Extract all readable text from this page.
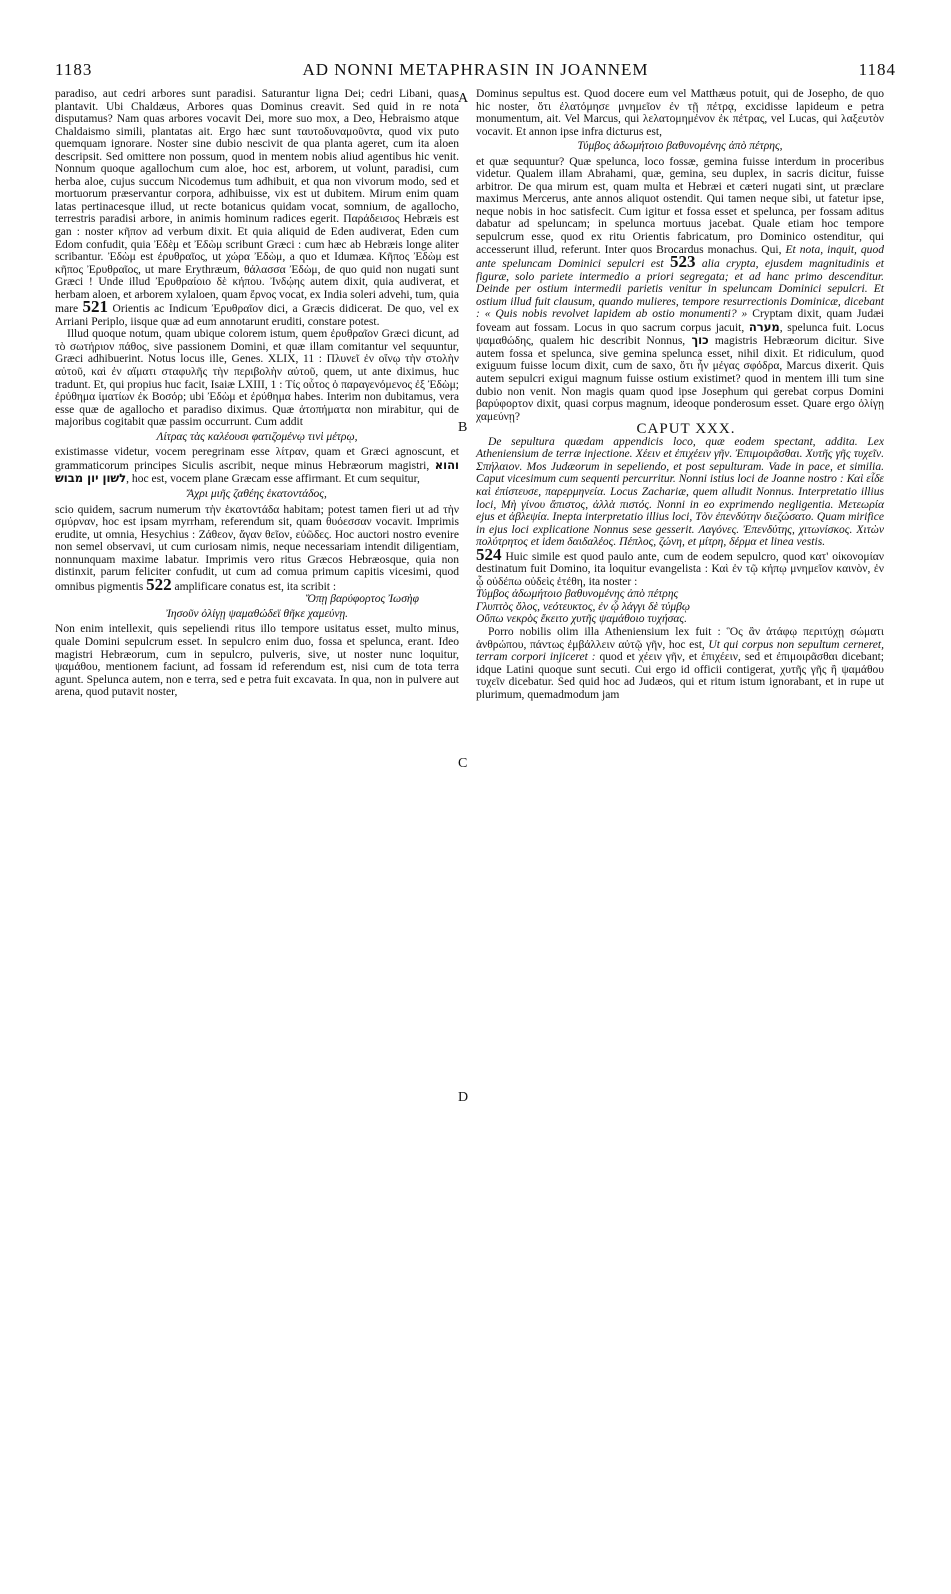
1183	AD NONNI METAPHRASIN IN JOANNEM	1184
A
B
C
D

paradiso, aut cedri arbores sunt paradisi. Saturantur ligna Dei; cedri Libani, quas plantavit. Ubi Chaldæus, Arbores quas Dominus creavit. Sed quid in re nota disputamus? Nam quas arbores vocavit Dei, more suo mox, a Deo, Hebraismo atque Chaldaismo simili, plantatas ait. Ergo hæc sunt ταυτοδυναμοῦντα, quod vix puto quemquam ignorare. Noster sine dubio nescivit de qua planta ageret, cum ita aloen descripsit. Sed omittere non possum, quod in mentem nobis aliud agentibus hic venit. Nonnum quoque agallochum cum aloe, hoc est, arborem, ut volunt, paradisi, cum herba aloe, cujus succum Nicodemus tum adhibuit, et qua non vivorum modo, sed et mortuorum præservantur corpora, adhibuisse, vix est ut dubitem. Mirum enim quam latas pertinacesque illud, ut recte botanicus quidam vocat, somnium, de agallocho, terrestris paradisi arbore, in animis hominum radices egerit. Παράδεισος Hebræis est gan : noster κῆπον ad verbum dixit. Et quia aliquid de Eden audiverat, Eden cum Edom confudit, quia Ἐδὲμ et Ἐδὼμ scribunt Græci : cum hæc ab Hebræis longe aliter scribantur. Ἐδὼμ est ἐρυθραῖος, ut χώρα Ἐδὼμ, a quo et Idumæa. Κῆπος Ἐδὼμ est κῆπος Ἐρυθραῖος, ut mare Erythræum, θάλασσα Ἐδὼμ, de quo quid non nugati sunt Græci ! Unde illud Ἐρυθραίοιο δὲ κήπου. Ἰνδῴης autem dixit, quia audiverat, et herbam aloen, et arborem xylaloen, quam ἔρνος vocat, ex India soleri advehi, tum, quia mare 521 Orientis ac Indicum Ἐρυθραῖον dici, a Græcis didicerat. De quo, vel ex Arriani Periplo, iisque quæ ad eum annotarunt eruditi, constare potest.

Illud quoque notum, quam ubique colorem istum, quem ἐρυθραῖον Græci dicunt, ad τὸ σωτήριον πάθος, sive passionem Domini, et quæ illam comitantur vel sequuntur, Græci adhibuerint. Notus locus ille, Genes. XLIX, 11 : Πλυνεῖ ἐν οἴνῳ τὴν στολὴν αὐτοῦ, καὶ ἐν αἵματι σταφυλῆς τὴν περιβολὴν αὐτοῦ, quem, ut ante diximus, huc tradunt. Et, qui propius huc facit, Isaiæ LXIII, 1 : Τίς οὗτος ὁ παραγενόμενος ἐξ Ἐδὼμ; ἐρύθημα ἱματίων ἐκ Βοσόρ; ubi Ἐδὼμ et ἐρύθημα habes. Interim non dubitamus, vera esse quæ de agallocho et paradiso diximus. Quæ ἀτοπήματα non mirabitur, qui de majoribus cogitabit quæ passim occurrunt. Cum addit

Λίτρας τὰς καλέουσι φατιζομένῳ τινὶ μέτρῳ,

existimasse videtur, vocem peregrinam esse λίτραν, quam et Græci agnoscunt, et grammaticorum principes Siculis ascribit, neque minus Hebræorum magistri, והוא לשון יון מבוש, hoc est, vocem plane Græcam esse affirmant. Et cum sequitur,

Ἄχρι μιῆς ζαθέης ἑκατοντάδος,

scio quidem, sacrum numerum τὴν ἑκατοντάδα habitam; potest tamen fieri ut ad τὴν σμύρναν, hoc est ipsam myrrham, referendum sit, quam θυόεσσαν vocavit. Imprimis erudite, ut omnia, Hesychius : Ζάθεον, ἄγαν θεῖον, εὐῶδες. Hoc auctori nostro evenire non semel observavi, ut cum curiosam nimis, neque necessariam intendit diligentiam, nonnunquam maxime labatur. Imprimis vero ritus Græcos Hebræosque, quia non distinxit, parum feliciter confudit, ut cum ad comua primum capitis vicesimi, quod omnibus pigmentis 522 amplificare conatus est, ita scribit :

Ὅπῃ βαρύφορτος Ἰωσὴφ

Ἰησοῦν ὀλίγῃ ψαμαθώδεϊ θῆκε χαμεύνῃ.

Non enim intellexit, quis sepeliendi ritus illo tempore usitatus esset, multo minus, quale Domini sepulcrum esset. In sepulcro enim duo, fossa et spelunca, erant. Ideo magistri Hebræorum, cum in sepulcro, pulveris, sive, ut noster nunc loquitur, ψαμάθου, mentionem faciunt, ad fossam id referendum est, nisi cum de tota terra agunt. Spelunca autem, non e terra, sed e petra fuit excavata. In qua, non in pulvere aut arena, quod putavit noster,

Dominus sepultus est. Quod docere eum vel Matthæus potuit, qui de Josepho, de quo hic noster, ὅτι ἐλατόμησε μνημεῖον ἐν τῇ πέτρᾳ, excidisse lapideum e petra monumentum, ait. Vel Marcus, qui λελατομημένον ἐκ πέτρας, vel Lucas, qui λαξευτὸν vocavit. Et annon ipse infra dicturus est,

Τύμβος ἀδωμήτοιο βαθυνομένης ἀπὸ πέτρης,

et quæ sequuntur? Quæ spelunca, loco fossæ, gemina fuisse interdum in proceribus videtur. Qualem illam Abrahami, quæ, gemina, seu duplex, in sacris dicitur, fuisse arbitror. De qua mirum est, quam multa et Hebræi et cæteri nugati sint, ut præclare maximus Mercerus, ante annos aliquot ostendit. Qui tamen neque sibi, ut fatetur ipse, neque nobis in hoc satisfecit. Cum igitur et fossa esset et spelunca, per fossam aditus dabatur ad speluncam; in spelunca mortuus jacebat. Quale etiam hoc tempore sepulcrum esse, quod ex ritu Orientis fabricatum, pro Dominico ostenditur, qui accesserunt illud, referunt. Inter quos Brocardus monachus. Qui, Et nota, inquit, quod ante speluncam Dominici sepulcri est 523 alia crypta, ejusdem magnitudinis et figuræ, solo pariete intermedio a priori segregata; et ad hanc primo descenditur. Deinde per ostium intermedii parietis venitur in speluncam Dominici sepulcri. Et ostium illud fuit clausum, quando mulieres, tempore resurrectionis Dominicæ, dicebant : « Quis nobis revolvet lapidem ab ostio monumenti? » Cryptam dixit, quam Judæi foveam aut fossam. Locus in quo sacrum corpus jacuit, מערה, spelunca fuit. Locus ψαμαθώδης, qualem hic describit Nonnus, כוך magistris Hebræorum dicitur. Sive autem fossa et spelunca, sive gemina spelunca esset, nihil dixit. Et ridiculum, quod exiguum fuisse locum dixit, cum de saxo, ὅτι ἦν μέγας σφόδρα, Marcus dixerit. Quis autem sepulcri exigui magnum fuisse ostium existimet? quod in mentem illi tum sine dubio non venit. Non magis quam quod ipse Josephum qui gerebat corpus Domini βαρύφορτον dixit, quasi corpus magnum, ideoque ponderosum esset. Quare ergo ὀλίγῃ χαμεύνῃ?

CAPUT XXX.

De sepultura quædam appendicis loco, quæ eodem spectant, addita. Lex Atheniensium de terræ injectione. Χέειν et ἐπιχέειν γῆν. Ἐπιμοιρᾶσθαι. Χυτῆς γῆς τυχεῖν. Σπήλαιον. Mos Judæorum in sepeliendo, et post sepulturam. Vade in pace, et similia. Caput vicesimum cum sequenti percurritur. Nonni istius loci de Joanne nostro : Καὶ εἶδε καὶ ἐπίστευσε, παρερμηνεία. Locus Zachariæ, quem alludit Nonnus. Interpretatio illius loci, Μὴ γίνου ἄπιστος, ἀλλὰ πιστός. Nonni in eo exprimendo negligentia. Μετεωρία ejus et ἀβλεψία. Inepta interpretatio illius loci, Τὸν ἐπενδύτην διεζώσατο. Quam mirifice in ejus loci explicatione Nonnus sese gesserit. Λαγόνες. Ἐπενδύτης, χιτωνίσκος. Χιτὼν πολύτρητος et idem δαιδαλέος. Πέπλος, ζώνη, et μίτρη, δέρμα et linea vestis.

524 Huic simile est quod paulo ante, cum de eodem sepulcro, quod κατ' οἰκονομίαν destinatum fuit Domino, ita loquitur evangelista : Καὶ ἐν τῷ κήπῳ μνημεῖον καινὸν, ἐν ᾧ οὐδέπω οὐδεὶς ἐτέθη, ita noster :

Τύμβος ἀδωμήτοιο βαθυνομένης ἀπὸ πέτρης

Γλυπτὸς ὅλος, νεότευκτος, ἐν ᾧ λάγγι δὲ τύμβῳ

Οὔπω νεκρὸς ἔκειτο χυτῆς ψαμάθοιο τυχήσας.

Porro nobilis olim illa Atheniensium lex fuit : Ὃς ἂν ἀτάφῳ περιτύχῃ σώματι ἀνθρώπου, πάντως ἐμβάλλειν αὐτῷ γῆν, hoc est, Ut qui corpus non sepultum cerneret, terram corpori injiceret : quod et χέειν γῆν, et ἐπιχέειν, sed et ἐπιμοιρᾶσθαι dicebant; idque Latini quoque sunt secuti. Cui ergo id officii contigerat, χυτῆς γῆς ἢ ψαμάθου τυχεῖν dicebatur. Sed quid hoc ad Judæos, qui et ritum istum ignorabant, et in rupe ut plurimum, quemadmodum jam
